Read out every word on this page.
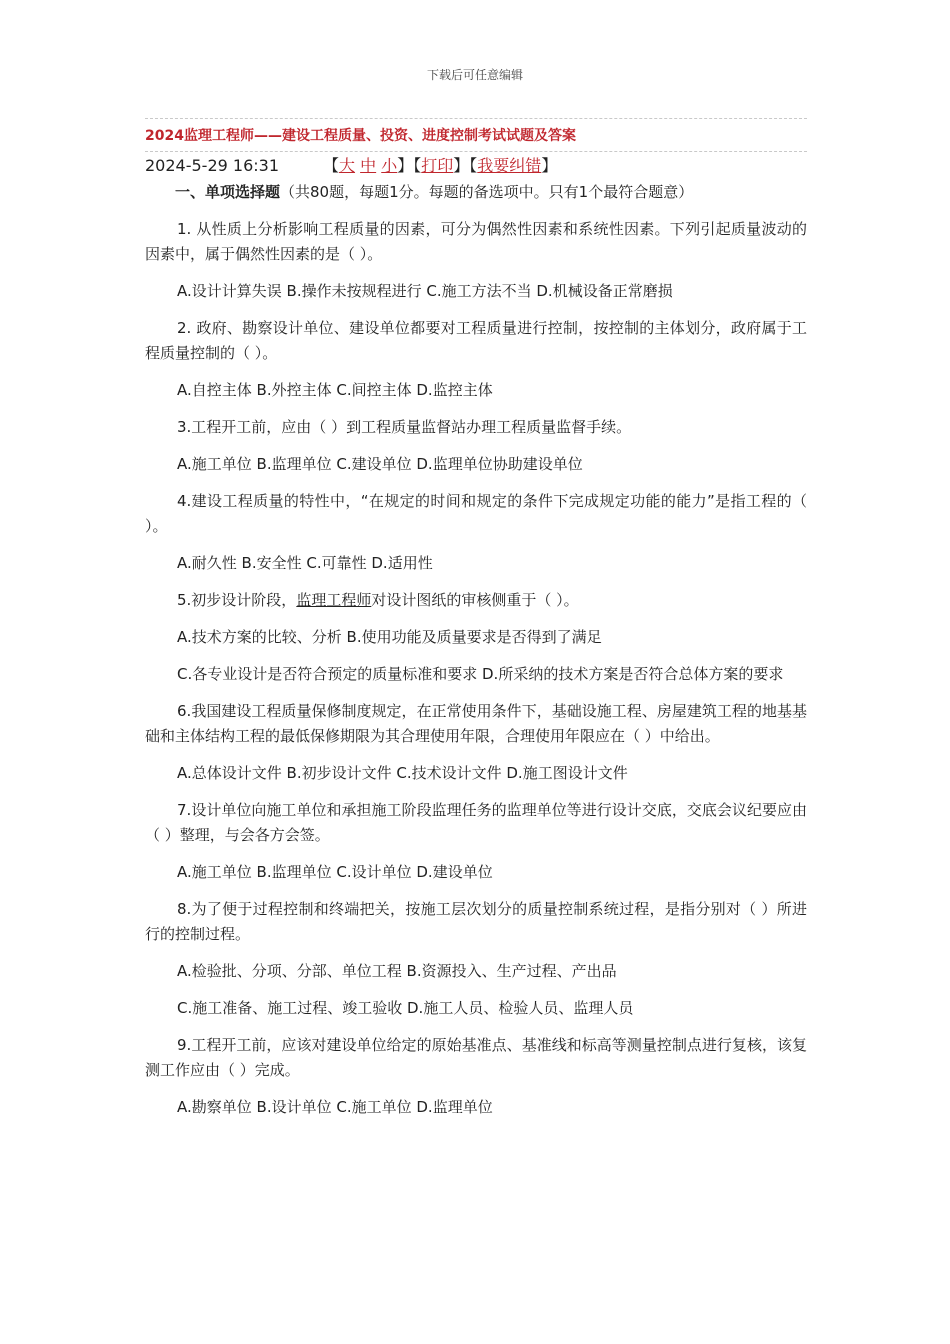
下载后可任意编辑
2024监理工程师——建设工程质量、投资、进度控制考试试题及答案
2024-5-29 16:31	【大 中 小】【打印】【我要纠错】
一、单项选择题（共80题，每题1分。每题的备选项中。只有1个最符合题意）

1. 从性质上分析影响工程质量的因素，可分为偶然性因素和系统性因素。下列引起质量波动的因素中，属于偶然性因素的是（ ）。

A.设计计算失误 B.操作未按规程进行 C.施工方法不当 D.机械设备正常磨损

2. 政府、勘察设计单位、建设单位都要对工程质量进行控制，按控制的主体划分，政府属于工程质量控制的（ ）。

A.自控主体 B.外控主体 C.间控主体 D.监控主体

3.工程开工前，应由（ ）到工程质量监督站办理工程质量监督手续。

A.施工单位 B.监理单位 C.建设单位 D.监理单位协助建设单位

4.建设工程质量的特性中，“在规定的时间和规定的条件下完成规定功能的能力”是指工程的（ ）。

A.耐久性 B.安全性 C.可靠性 D.适用性

5.初步设计阶段，监理工程师对设计图纸的审核侧重于（ ）。

A.技术方案的比较、分析 B.使用功能及质量要求是否得到了满足

C.各专业设计是否符合预定的质量标准和要求 D.所采纳的技术方案是否符合总体方案的要求

6.我国建设工程质量保修制度规定，在正常使用条件下，基础设施工程、房屋建筑工程的地基基础和主体结构工程的最低保修期限为其合理使用年限，合理使用年限应在（ ）中给出。

A.总体设计文件 B.初步设计文件 C.技术设计文件 D.施工图设计文件

7.设计单位向施工单位和承担施工阶段监理任务的监理单位等进行设计交底，交底会议纪要应由（ ）整理，与会各方会签。

A.施工单位 B.监理单位 C.设计单位 D.建设单位

8.为了便于过程控制和终端把关，按施工层次划分的质量控制系统过程，是指分别对（ ）所进行的控制过程。

A.检验批、分项、分部、单位工程 B.资源投入、生产过程、产出品

C.施工准备、施工过程、竣工验收 D.施工人员、检验人员、监理人员

9.工程开工前，应该对建设单位给定的原始基准点、基准线和标高等测量控制点进行复核，该复测工作应由（ ）完成。

A.勘察单位 B.设计单位 C.施工单位 D.监理单位
